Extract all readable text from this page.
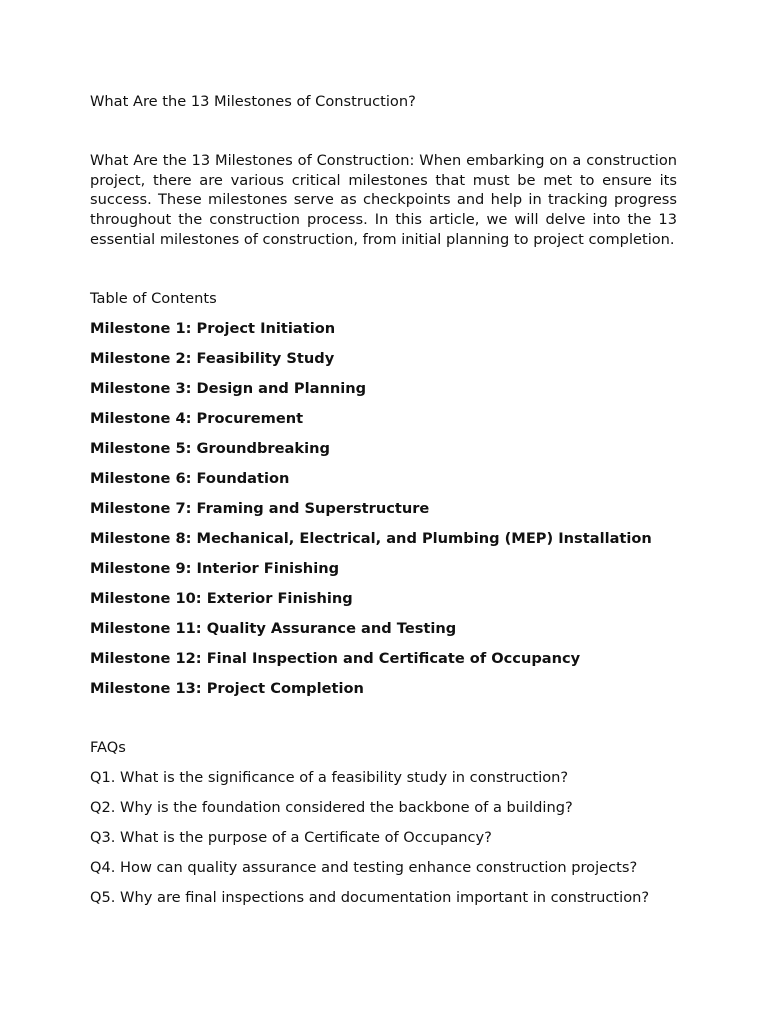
What Are the 13 Milestones of Construction?

What Are the 13 Milestones of Construction: When embarking on a construction project, there are various critical milestones that must be met to ensure its success. These milestones serve as checkpoints and help in tracking progress throughout the construction process. In this article, we will delve into the 13 essential milestones of construction, from initial planning to project completion.

Table of Contents
Milestone 1: Project Initiation
Milestone 2: Feasibility Study
Milestone 3: Design and Planning
Milestone 4: Procurement
Milestone 5: Groundbreaking
Milestone 6: Foundation
Milestone 7: Framing and Superstructure
Milestone 8: Mechanical, Electrical, and Plumbing (MEP) Installation
Milestone 9: Interior Finishing
Milestone 10: Exterior Finishing
Milestone 11: Quality Assurance and Testing
Milestone 12: Final Inspection and Certificate of Occupancy
Milestone 13: Project Completion
FAQs
Q1. What is the significance of a feasibility study in construction?
Q2. Why is the foundation considered the backbone of a building?
Q3. What is the purpose of a Certificate of Occupancy?
Q4. How can quality assurance and testing enhance construction projects?
Q5. Why are final inspections and documentation important in construction?
